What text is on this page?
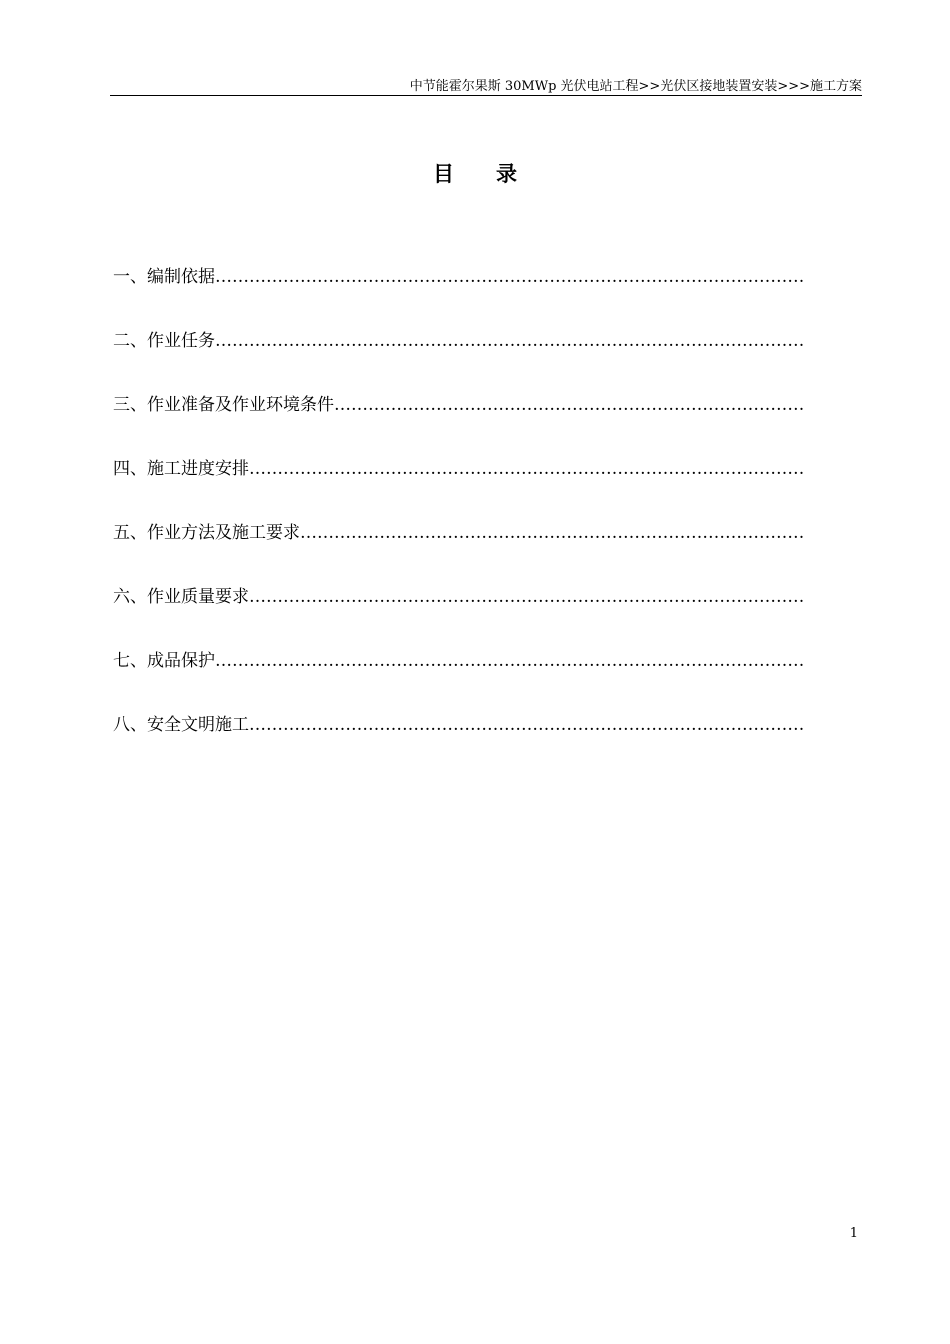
中节能霍尔果斯 30MWp 光伏电站工程>>光伏区接地装置安装>>>施工方案
目　　录
一、编制依据
……………………………………………………………………………………………………………………………………………………
二、作业任务
……………………………………………………………………………………………………………………………………………………
三、作业准备及作业环境条件
……………………………………………………………………………………………………………………………………………………
四、施工进度安排
……………………………………………………………………………………………………………………………………………………
五、作业方法及施工要求
……………………………………………………………………………………………………………………………………………………
六、作业质量要求
……………………………………………………………………………………………………………………………………………………
七、成品保护
……………………………………………………………………………………………………………………………………………………
八、安全文明施工
……………………………………………………………………………………………………………………………………………………
1
